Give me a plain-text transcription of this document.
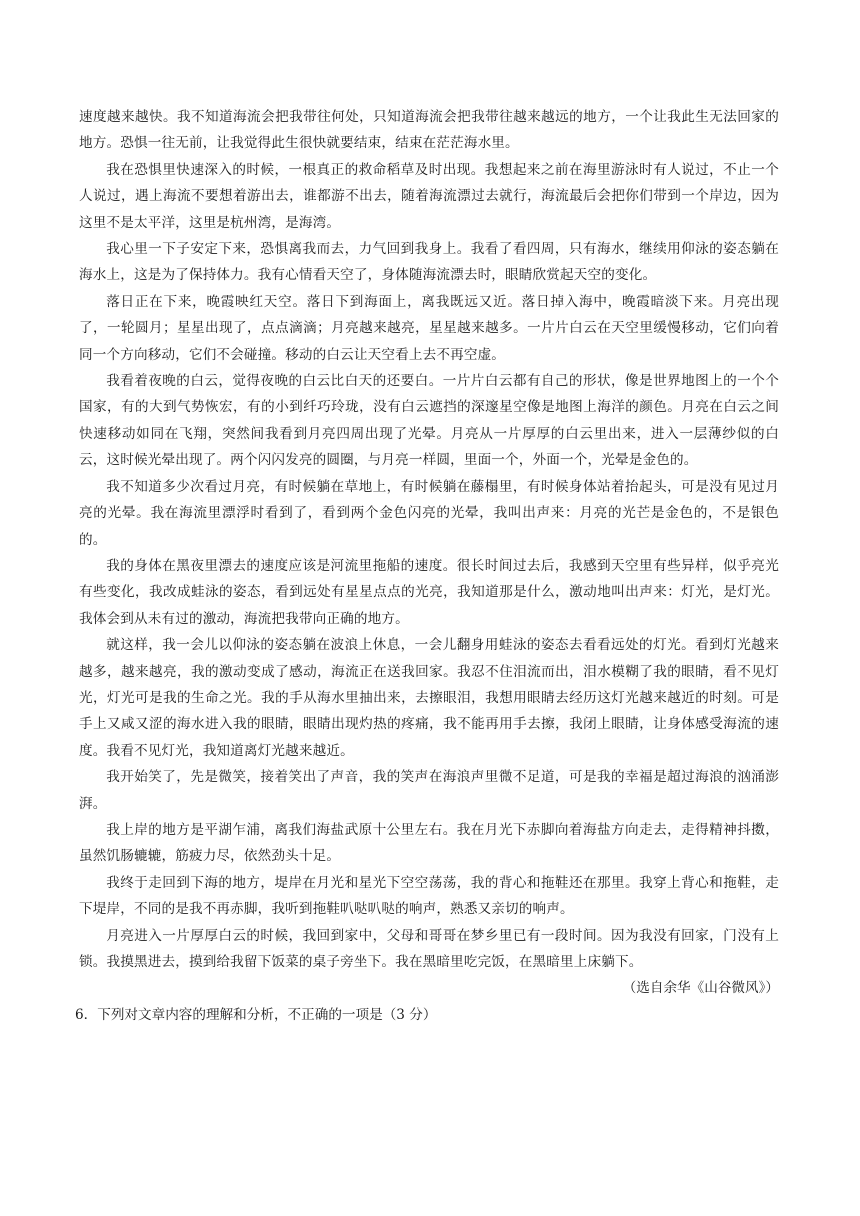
速度越来越快。我不知道海流会把我带往何处，只知道海流会把我带往越来越远的地方，一个让我此生无法回家的地方。恐惧一往无前，让我觉得此生很快就要结束，结束在茫茫海水里。

我在恐惧里快速深入的时候，一根真正的救命稻草及时出现。我想起来之前在海里游泳时有人说过，不止一个人说过，遇上海流不要想着游出去，谁都游不出去，随着海流漂过去就行，海流最后会把你们带到一个岸边，因为这里不是太平洋，这里是杭州湾，是海湾。

我心里一下子安定下来，恐惧离我而去，力气回到我身上。我看了看四周，只有海水，继续用仰泳的姿态躺在海水上，这是为了保持体力。我有心情看天空了，身体随海流漂去时，眼睛欣赏起天空的变化。

落日正在下来，晚霞映红天空。落日下到海面上，离我既远又近。落日掉入海中，晚霞暗淡下来。月亮出现了，一轮圆月；星星出现了，点点滴滴；月亮越来越亮，星星越来越多。一片片白云在天空里缓慢移动，它们向着同一个方向移动，它们不会碰撞。移动的白云让天空看上去不再空虚。

我看着夜晚的白云，觉得夜晚的白云比白天的还要白。一片片白云都有自己的形状，像是世界地图上的一个个国家，有的大到气势恢宏，有的小到纤巧玲珑，没有白云遮挡的深邃星空像是地图上海洋的颜色。月亮在白云之间快速移动如同在飞翔，突然间我看到月亮四周出现了光晕。月亮从一片厚厚的白云里出来，进入一层薄纱似的白云，这时候光晕出现了。两个闪闪发亮的圆圈，与月亮一样圆，里面一个，外面一个，光晕是金色的。

我不知道多少次看过月亮，有时候躺在草地上，有时候躺在藤榻里，有时候身体站着抬起头，可是没有见过月亮的光晕。我在海流里漂浮时看到了，看到两个金色闪亮的光晕，我叫出声来：月亮的光芒是金色的，不是银色的。

我的身体在黑夜里漂去的速度应该是河流里拖船的速度。很长时间过去后，我感到天空里有些异样，似乎亮光有些变化，我改成蛙泳的姿态，看到远处有星星点点的光亮，我知道那是什么，激动地叫出声来：灯光，是灯光。我体会到从未有过的激动，海流把我带向正确的地方。

就这样，我一会儿以仰泳的姿态躺在波浪上休息，一会儿翻身用蛙泳的姿态去看看远处的灯光。看到灯光越来越多，越来越亮，我的激动变成了感动，海流正在送我回家。我忍不住泪流而出，泪水模糊了我的眼睛，看不见灯光，灯光可是我的生命之光。我的手从海水里抽出来，去擦眼泪，我想用眼睛去经历这灯光越来越近的时刻。可是手上又咸又涩的海水进入我的眼睛，眼睛出现灼热的疼痛，我不能再用手去擦，我闭上眼睛，让身体感受海流的速度。我看不见灯光，我知道离灯光越来越近。

我开始笑了，先是微笑，接着笑出了声音，我的笑声在海浪声里微不足道，可是我的幸福是超过海浪的汹涌澎湃。

我上岸的地方是平湖乍浦，离我们海盐武原十公里左右。我在月光下赤脚向着海盐方向走去，走得精神抖擞，虽然饥肠辘辘，筋疲力尽，依然劲头十足。

我终于走回到下海的地方，堤岸在月光和星光下空空荡荡，我的背心和拖鞋还在那里。我穿上背心和拖鞋，走下堤岸，不同的是我不再赤脚，我听到拖鞋叭哒叭哒的响声，熟悉又亲切的响声。

月亮进入一片厚厚白云的时候，我回到家中，父母和哥哥在梦乡里已有一段时间。因为我没有回家，门没有上锁。我摸黑进去，摸到给我留下饭菜的桌子旁坐下。我在黑暗里吃完饭，在黑暗里上床躺下。

（选自余华《山谷微风》）

6．下列对文章内容的理解和分析，不正确的一项是（3 分）
